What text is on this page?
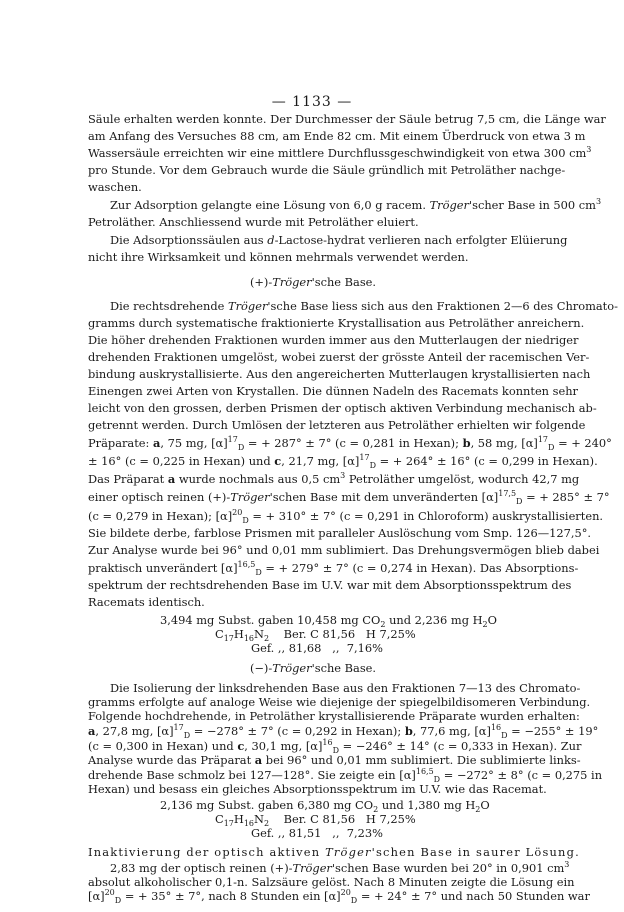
— 1133 —
Säule erhalten werden konnte. Der Durchmesser der Säule betrug 7,5 cm, die Länge war
am Anfang des Versuches 88 cm, am Ende 82 cm. Mit einem Überdruck von etwa 3 m
Wassersäule erreichten wir eine mittlere Durchflussgeschwindigkeit von etwa 300 $cm^3$
pro Stunde. Vor dem Gebrauch wurde die Säule gründlich mit Petroläther nachge-
waschen.
Zur Adsorption gelangte eine Lösung von 6,0 g racem. Tröger'scher Base in 500 $cm^3$
Petroläther. Anschliessend wurde mit Petroläther eluiert.
Die Adsorptionssäulen aus d-Lactose-hydrat verlieren nach erfolgter Elüierung
nicht ihre Wirksamkeit und können mehrmals verwendet werden.
(+)-Tröger'sche Base.
Die rechtsdrehende Tröger'sche Base liess sich aus den Fraktionen 2—6 des Chromato-
gramms durch systematische fraktionierte Krystallisation aus Petroläther anreichern.
Die höher drehenden Fraktionen wurden immer aus den Mutterlaugen der niedriger
drehenden Fraktionen umgelöst, wobei zuerst der grösste Anteil der racemischen Ver-
bindung auskrystallisierte. Aus den angereicherten Mutterlaugen krystallisierten nach
Einengen zwei Arten von Krystallen. Die dünnen Nadeln des Racemats konnten sehr
leicht von den grossen, derben Prismen der optisch aktiven Verbindung mechanisch ab-
getrennt werden. Durch Umlösen der letzteren aus Petroläther erhielten wir folgende
Präparate: a, 75 mg, $[\alpha]^{17}_D$ = + 287° ± 7° (c = 0,281 in Hexan); b, 58 mg, $[\alpha]^{17}_D$ = + 240°
± 16° (c = 0,225 in Hexan) und c, 21,7 mg, $[\alpha]^{17}_D$ = + 264° ± 16° (c = 0,299 in Hexan).
Das Präparat a wurde nochmals aus 0,5 $cm^3$ Petroläther umgelöst, wodurch 42,7 mg
einer optisch reinen (+)-Tröger'schen Base mit dem unveränderten $[\alpha]^{17,5}_D$ = + 285° ± 7°
(c = 0,279 in Hexan); $[\alpha]^{20}_D$ = + 310° ± 7° (c = 0,291 in Chloroform) auskrystallisierten.
Sie bildete derbe, farblose Prismen mit paralleler Auslöschung vom Smp. 126—127,5°.
Zur Analyse wurde bei 96° und 0,01 mm sublimiert. Das Drehungsvermögen blieb dabei
praktisch unverändert $[\alpha]^{16,5}_D$ = + 279° ± 7° (c = 0,274 in Hexan). Das Absorptions-
spektrum der rechtsdrehenden Base im U.V. war mit dem Absorptionsspektrum des
Racemats identisch.
3,494 mg Subst. gaben 10,458 mg $CO_2$ und 2,236 mg $H_2O$
$C_{17}H_{16}N_2$    Ber. C 81,56   H 7,25%
Gef. ,, 81,68   ,,  7,16%
(−)-Tröger'sche Base.
Die Isolierung der linksdrehenden Base aus den Fraktionen 7—13 des Chromato-
gramms erfolgte auf analoge Weise wie diejenige der spiegelbildisomeren Verbindung.
Folgende hochdrehende, in Petroläther krystallisierende Präparate wurden erhalten:
a, 27,8 mg, $[\alpha]^{17}_D = -278^\circ \pm 7^\circ$ (c = 0,292 in Hexan); b, 77,6 mg, $[\alpha]^{16}_D = -255^\circ \pm 19^\circ$
(c = 0,300 in Hexan) und c, 30,1 mg, $[\alpha]^{16}_D = -246^\circ \pm 14^\circ$ (c = 0,333 in Hexan). Zur
Analyse wurde das Präparat a bei 96° und 0,01 mm sublimiert. Die sublimierte links-
drehende Base schmolz bei 127—128°. Sie zeigte ein $[\alpha]^{16,5}_D = -272^\circ \pm 8^\circ$ (c = 0,275 in
Hexan) und besass ein gleiches Absorptionsspektrum im U.V. wie das Racemat.
2,136 mg Subst. gaben 6,380 mg $CO_2$ und 1,380 mg $H_2O$
$C_{17}H_{16}N_2$    Ber. C 81,56   H 7,25%
Gef. ,, 81,51   ,,  7,23%
Inaktivierung der optisch aktiven Tröger'schen Base in saurer Lösung.
2,83 mg der optisch reinen (+)-Tröger'schen Base wurden bei 20° in 0,901 $cm^3$
absolut alkoholischer 0,1-n. Salzsäure gelöst. Nach 8 Minuten zeigte die Lösung ein
$[\alpha]^{20}_D$ = + 35° ± 7°, nach 8 Stunden ein $[\alpha]^{20}_D$ = + 24° ± 7° und nach 50 Stunden war
